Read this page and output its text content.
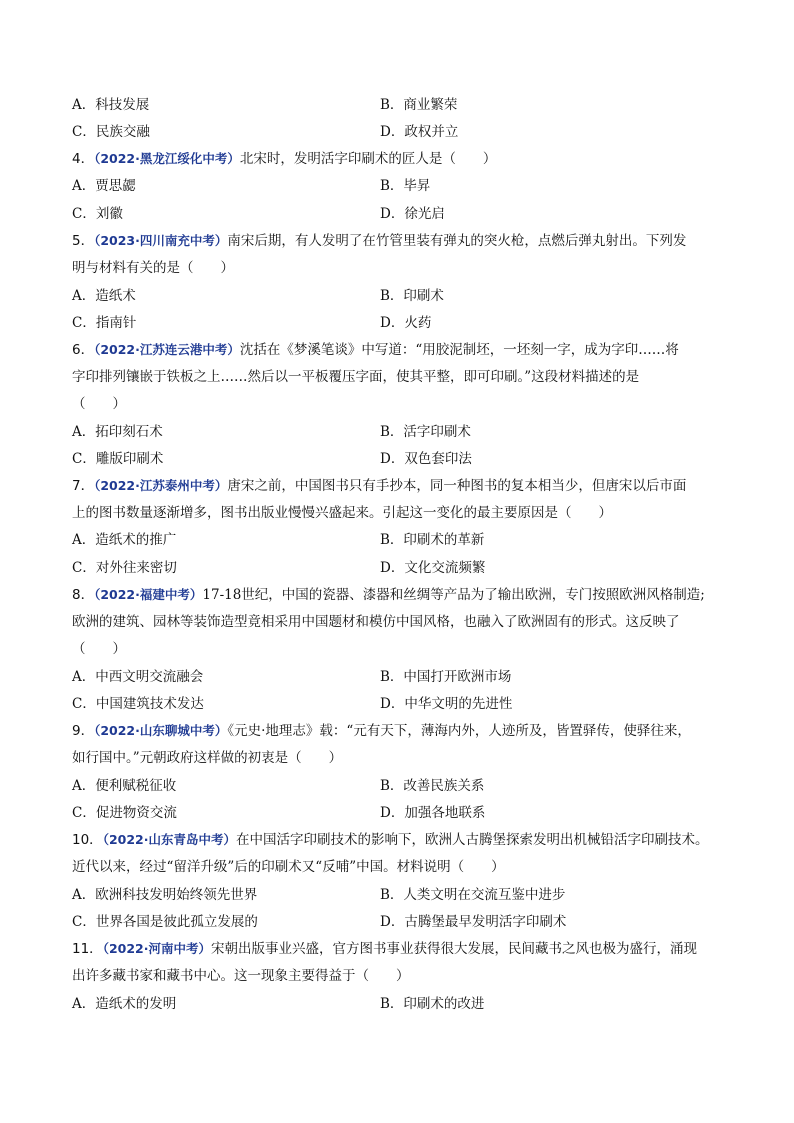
A．科技发展	B．商业繁荣
C．民族交融	D．政权并立
4．（2022·黑龙江绥化中考）北宋时，发明活字印刷术的匠人是（　　）
A．贾思勰	B．毕昇
C．刘徽	D．徐光启
5．（2023·四川南充中考）南宋后期，有人发明了在竹管里装有弹丸的突火枪，点燃后弹丸射出。下列发
明与材料有关的是（　　）
A．造纸术	B．印刷术
C．指南针	D．火药
6．（2022·江苏连云港中考）沈括在《梦溪笔谈》中写道：“用胶泥制坯，一坯刻一字，成为字印……将
字印排列镶嵌于铁板之上……然后以一平板覆压字面，使其平整，即可印刷。”这段材料描述的是
（　　）
A．拓印刻石术	B．活字印刷术
C．雕版印刷术	D．双色套印法
7．（2022·江苏泰州中考）唐宋之前，中国图书只有手抄本，同一种图书的复本相当少，但唐宋以后市面
上的图书数量逐渐增多，图书出版业慢慢兴盛起来。引起这一变化的最主要原因是（　　）
A．造纸术的推广	B．印刷术的革新
C．对外往来密切	D．文化交流频繁
8．（2022·福建中考）17-18世纪，中国的瓷器、漆器和丝绸等产品为了输出欧洲，专门按照欧洲风格制造;
欧洲的建筑、园林等装饰造型竟相采用中国题材和模仿中国风格，也融入了欧洲固有的形式。这反映了
（　　）
A．中西文明交流融会	B．中国打开欧洲市场
C．中国建筑技术发达	D．中华文明的先进性
9．（2022·山东聊城中考）《元史·地理志》载：“元有天下，薄海内外，人迹所及，皆置驿传，使驿往来，
如行国中。”元朝政府这样做的初衷是（　　）
A．便利赋税征收	B．改善民族关系
C．促进物资交流	D．加强各地联系
10．（2022·山东青岛中考）在中国活字印刷技术的影响下，欧洲人古腾堡探索发明出机械铅活字印刷技术。
近代以来，经过“留洋升级”后的印刷术又“反哺”中国。材料说明（　　）
A．欧洲科技发明始终领先世界	B．人类文明在交流互鉴中进步
C．世界各国是彼此孤立发展的	D．古腾堡最早发明活字印刷术
11．（2022·河南中考）宋朝出版事业兴盛，官方图书事业获得很大发展，民间藏书之风也极为盛行，涌现
出许多藏书家和藏书中心。这一现象主要得益于（　　）
A．造纸术的发明	B．印刷术的改进
